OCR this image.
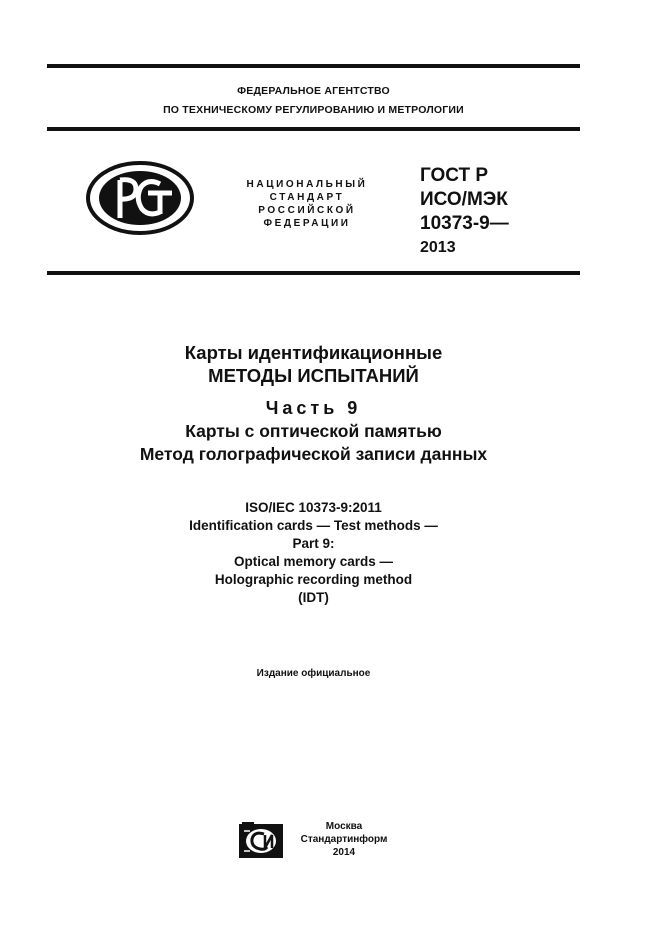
ФЕДЕРАЛЬНОЕ АГЕНТСТВО
ПО ТЕХНИЧЕСКОМУ РЕГУЛИРОВАНИЮ И МЕТРОЛОГИИ
НАЦИОНАЛЬНЫЙ
СТАНДАРТ
РОССИЙСКОЙ
ФЕДЕРАЦИИ
ГОСТ Р
ИСО/МЭК
10373-9—
2013
Карты идентификационные
МЕТОДЫ ИСПЫТАНИЙ
Часть 9
Карты с оптической памятью
Метод голографической записи данных
ISO/IEC 10373-9:2011
Identification cards — Test methods —
Part 9:
Optical memory cards —
Holographic recording method
(IDT)
Издание официальное
Москва
Стандартинформ
2014
